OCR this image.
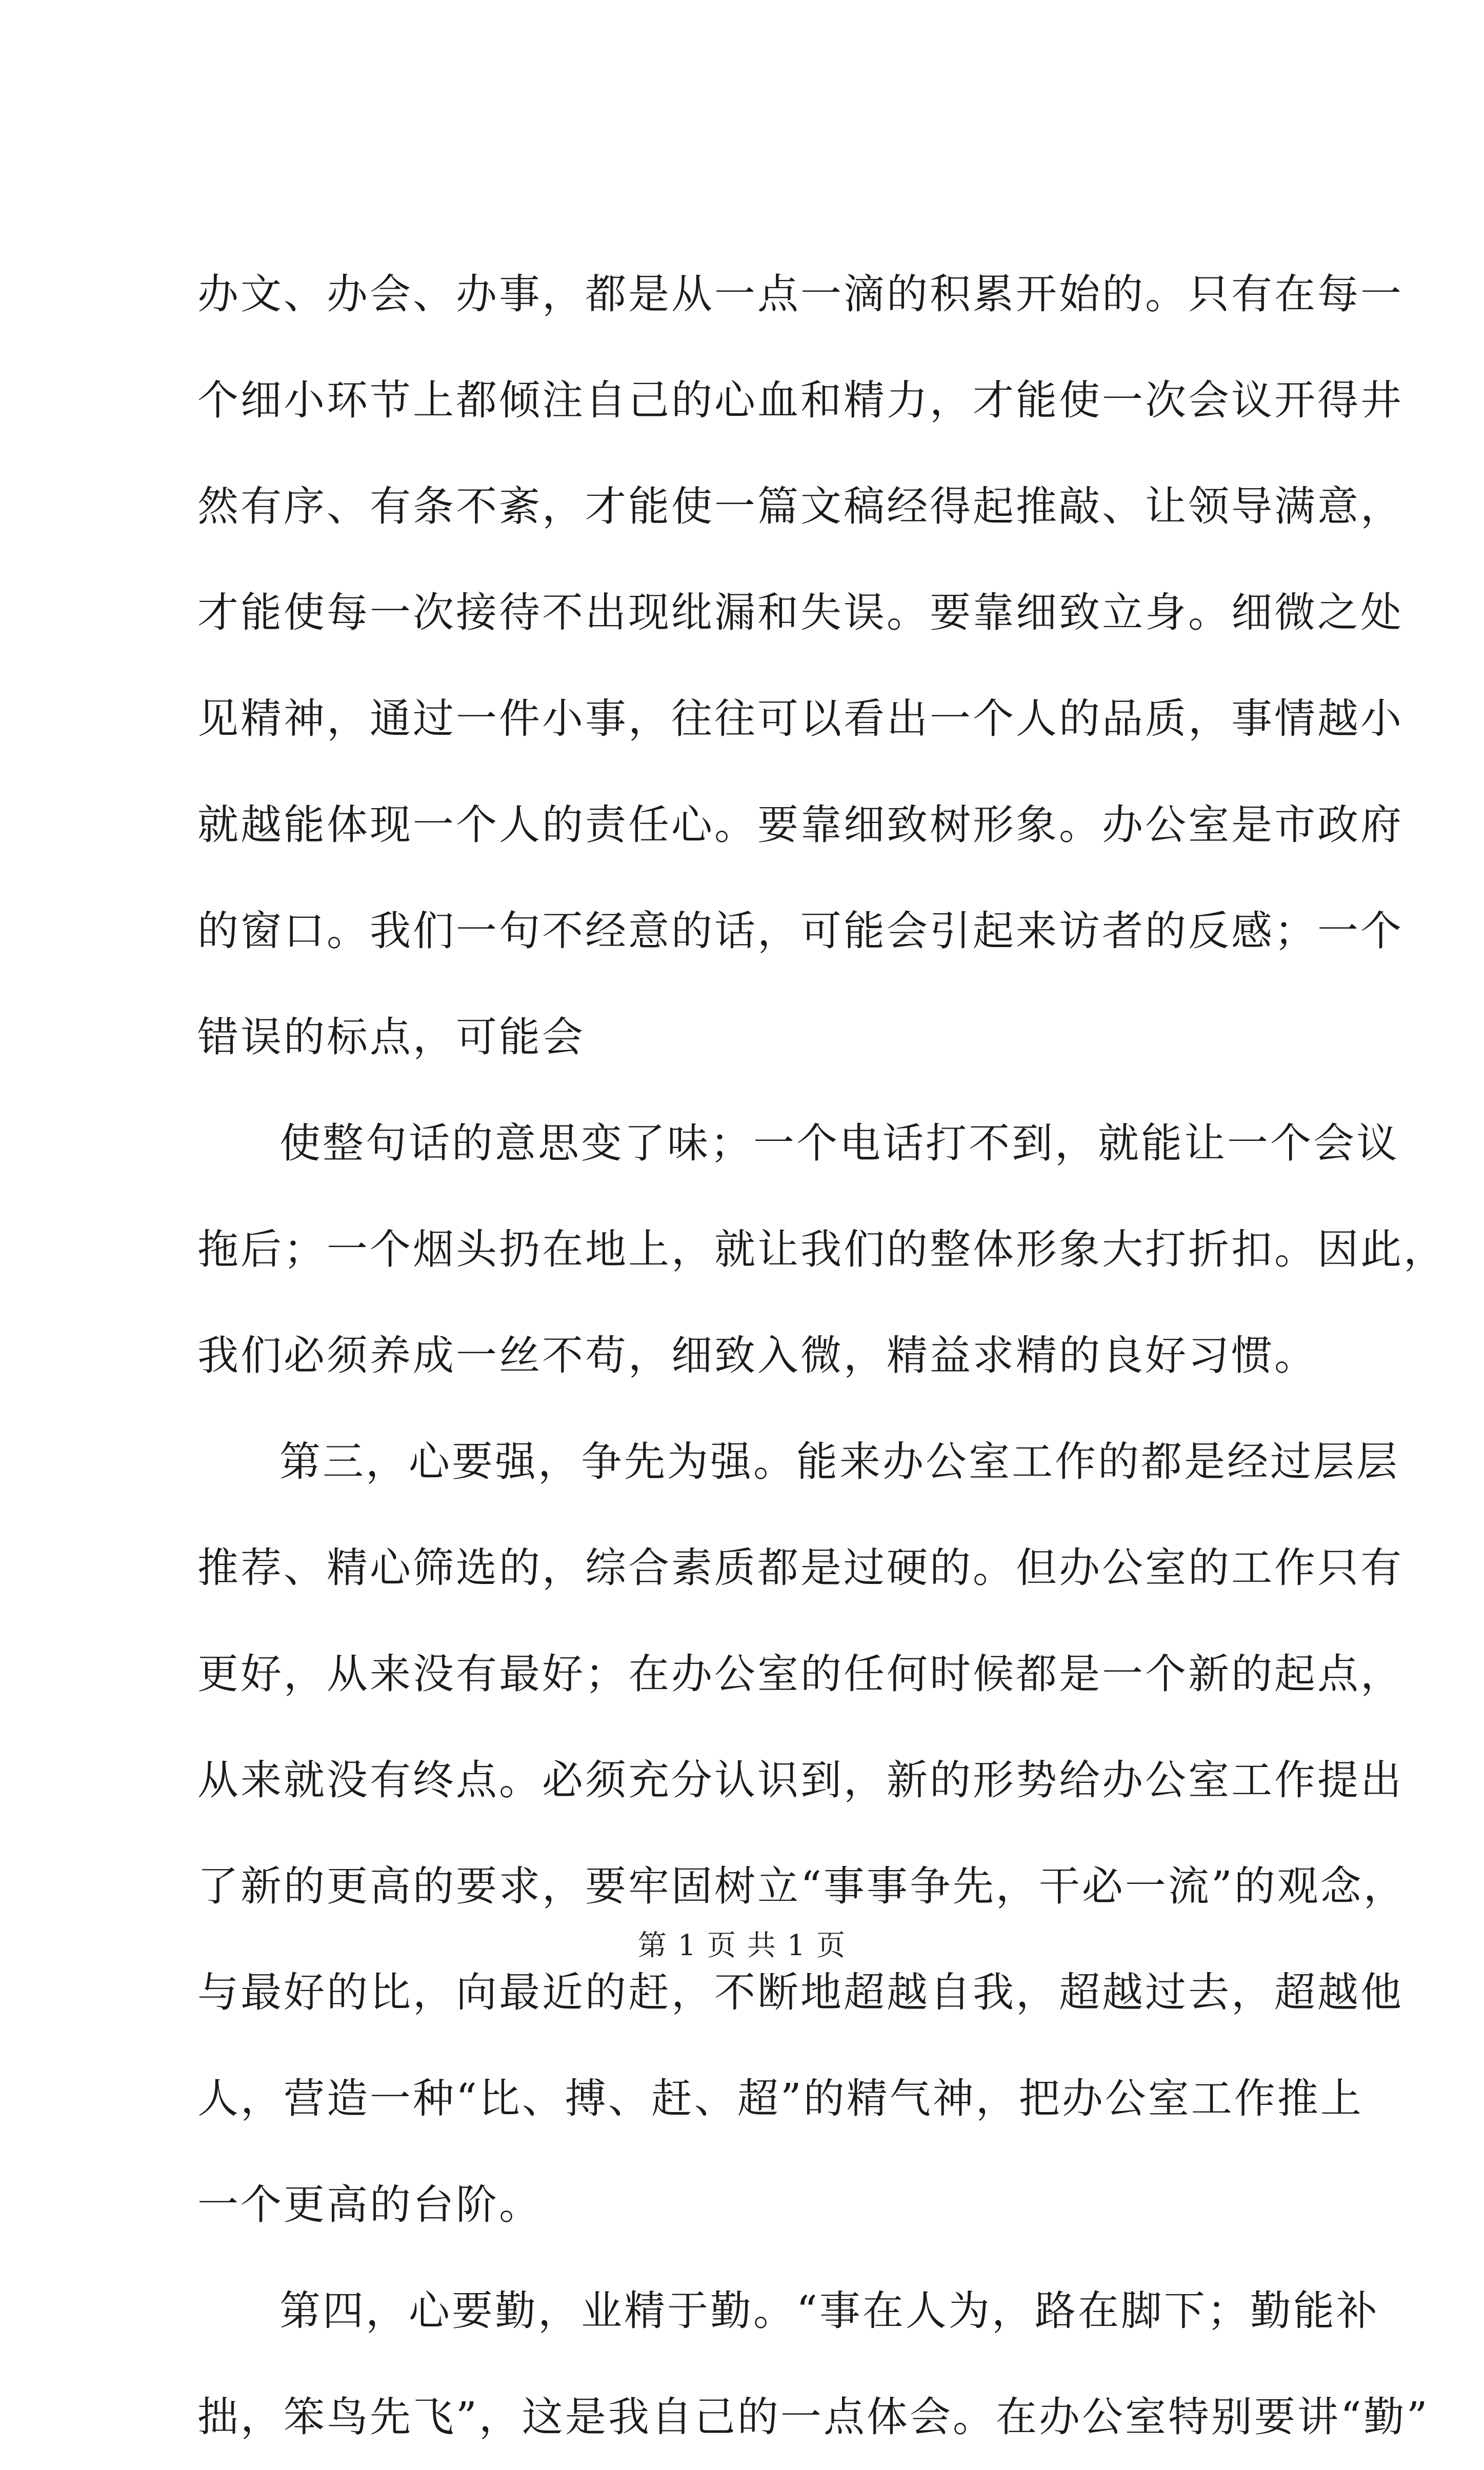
办文、办会、办事，都是从一点一滴的积累开始的。只有在每一
个细小环节上都倾注自己的心血和精力，才能使一次会议开得井
然有序、有条不紊，才能使一篇文稿经得起推敲、让领导满意，
才能使每一次接待不出现纰漏和失误。要靠细致立身。细微之处
见精神，通过一件小事，往往可以看出一个人的品质，事情越小
就越能体现一个人的责任心。要靠细致树形象。办公室是市政府
的窗口。我们一句不经意的话，可能会引起来访者的反感；一个
错误的标点，可能会
使整句话的意思变了味；一个电话打不到，就能让一个会议
拖后；一个烟头扔在地上，就让我们的整体形象大打折扣。因此，
我们必须养成一丝不苟，细致入微，精益求精的良好习惯。
第三，心要强，争先为强。能来办公室工作的都是经过层层
推荐、精心筛选的，综合素质都是过硬的。但办公室的工作只有
更好，从来没有最好；在办公室的任何时候都是一个新的起点，
从来就没有终点。必须充分认识到，新的形势给办公室工作提出
了新的更高的要求，要牢固树立“事事争先，干必一流”的观念，
与最好的比，向最近的赶，不断地超越自我，超越过去，超越他
人，营造一种“比、搏、赶、超”的精气神，把办公室工作推上
一个更高的台阶。
第四，心要勤，业精于勤。“事在人为，路在脚下；勤能补
拙，笨鸟先飞”，这是我自己的一点体会。在办公室特别要讲“勤”
第 1 页 共 1 页
